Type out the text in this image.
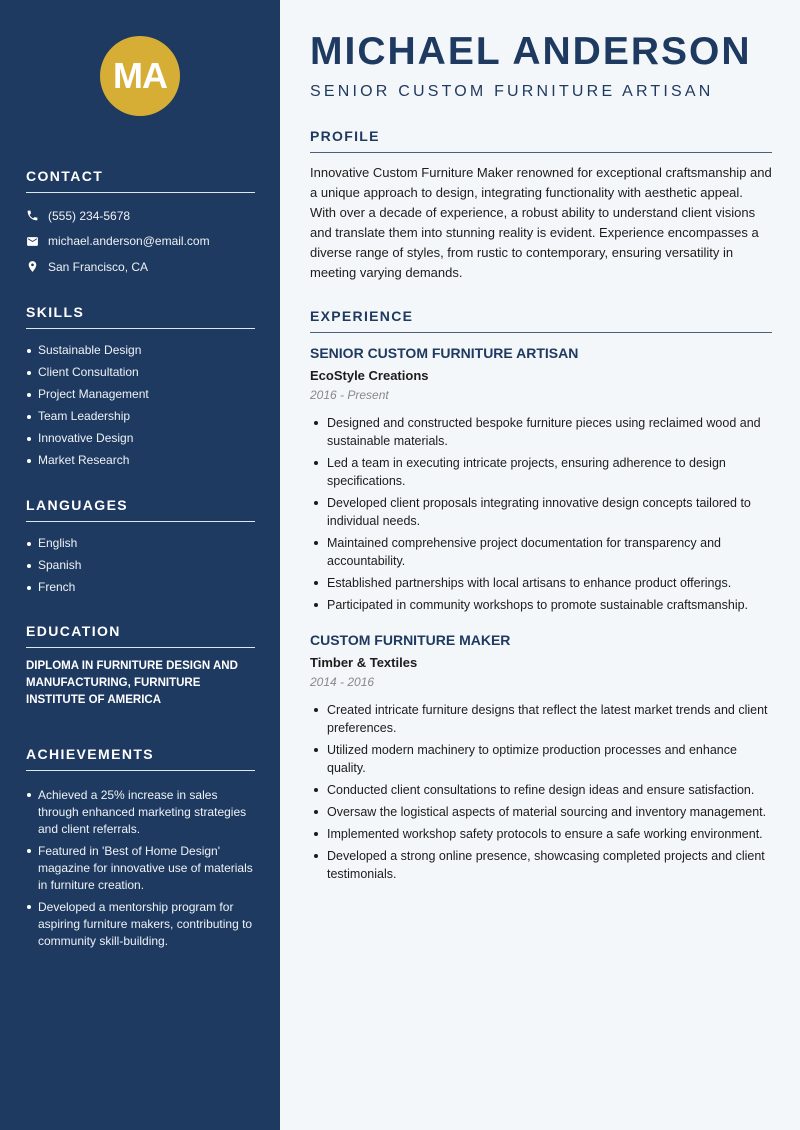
MA
CONTACT
(555) 234-5678
michael.anderson@email.com
San Francisco, CA
SKILLS
Sustainable Design
Client Consultation
Project Management
Team Leadership
Innovative Design
Market Research
LANGUAGES
English
Spanish
French
EDUCATION
DIPLOMA IN FURNITURE DESIGN AND MANUFACTURING, FURNITURE INSTITUTE OF AMERICA
ACHIEVEMENTS
Achieved a 25% increase in sales through enhanced marketing strategies and client referrals.
Featured in 'Best of Home Design' magazine for innovative use of materials in furniture creation.
Developed a mentorship program for aspiring furniture makers, contributing to community skill-building.
MICHAEL ANDERSON
SENIOR CUSTOM FURNITURE ARTISAN
PROFILE
Innovative Custom Furniture Maker renowned for exceptional craftsmanship and a unique approach to design, integrating functionality with aesthetic appeal. With over a decade of experience, a robust ability to understand client visions and translate them into stunning reality is evident. Experience encompasses a diverse range of styles, from rustic to contemporary, ensuring versatility in meeting varying demands.
EXPERIENCE
SENIOR CUSTOM FURNITURE ARTISAN
EcoStyle Creations
2016 - Present
Designed and constructed bespoke furniture pieces using reclaimed wood and sustainable materials.
Led a team in executing intricate projects, ensuring adherence to design specifications.
Developed client proposals integrating innovative design concepts tailored to individual needs.
Maintained comprehensive project documentation for transparency and accountability.
Established partnerships with local artisans to enhance product offerings.
Participated in community workshops to promote sustainable craftsmanship.
CUSTOM FURNITURE MAKER
Timber & Textiles
2014 - 2016
Created intricate furniture designs that reflect the latest market trends and client preferences.
Utilized modern machinery to optimize production processes and enhance quality.
Conducted client consultations to refine design ideas and ensure satisfaction.
Oversaw the logistical aspects of material sourcing and inventory management.
Implemented workshop safety protocols to ensure a safe working environment.
Developed a strong online presence, showcasing completed projects and client testimonials.
